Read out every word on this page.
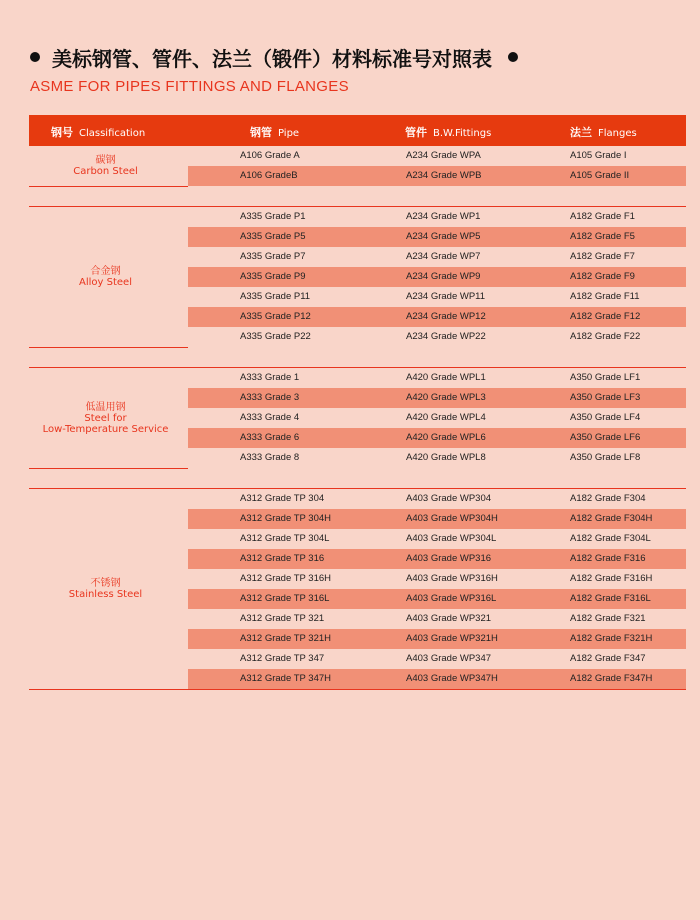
美标钢管、管件、法兰（锻件）材料标准号对照表
ASME FOR PIPES FITTINGS AND FLANGES
钢号 Classification	钢管 Pipe	管件 B.W.Fittings	法兰 Flanges
A106 Grade A	A234 Grade WPA	A105 Grade I
A106 GradeB	A234 Grade WPB	A105 Grade II
碳钢
Carbon Steel
A335 Grade P1	A234 Grade WP1	A182 Grade F1
A335 Grade P5	A234 Grade WP5	A182 Grade F5
A335 Grade P7	A234 Grade WP7	A182 Grade F7
A335 Grade P9	A234 Grade WP9	A182 Grade F9
A335 Grade P11	A234 Grade WP11	A182 Grade F11
A335 Grade P12	A234 Grade WP12	A182 Grade F12
A335 Grade P22	A234 Grade WP22	A182 Grade F22
合金钢
Alloy Steel
A333 Grade 1	A420 Grade WPL1	A350 Grade LF1
A333 Grade 3	A420 Grade WPL3	A350 Grade LF3
A333 Grade 4	A420 Grade WPL4	A350 Grade LF4
A333 Grade 6	A420 Grade WPL6	A350 Grade LF6
A333 Grade 8	A420 Grade WPL8	A350 Grade LF8
低温用钢
Steel for
Low-Temperature Service
A312 Grade TP 304	A403 Grade WP304	A182 Grade F304
A312 Grade TP 304H	A403 Grade WP304H	A182 Grade F304H
A312 Grade TP 304L	A403 Grade WP304L	A182 Grade F304L
A312 Grade TP 316	A403 Grade WP316	A182 Grade F316
A312 Grade TP 316H	A403 Grade WP316H	A182 Grade F316H
A312 Grade TP 316L	A403 Grade WP316L	A182 Grade F316L
A312 Grade TP 321	A403 Grade WP321	A182 Grade F321
A312 Grade TP 321H	A403 Grade WP321H	A182 Grade F321H
A312 Grade TP 347	A403 Grade WP347	A182 Grade F347
A312 Grade TP 347H	A403 Grade WP347H	A182 Grade F347H
不锈钢
Stainless Steel
